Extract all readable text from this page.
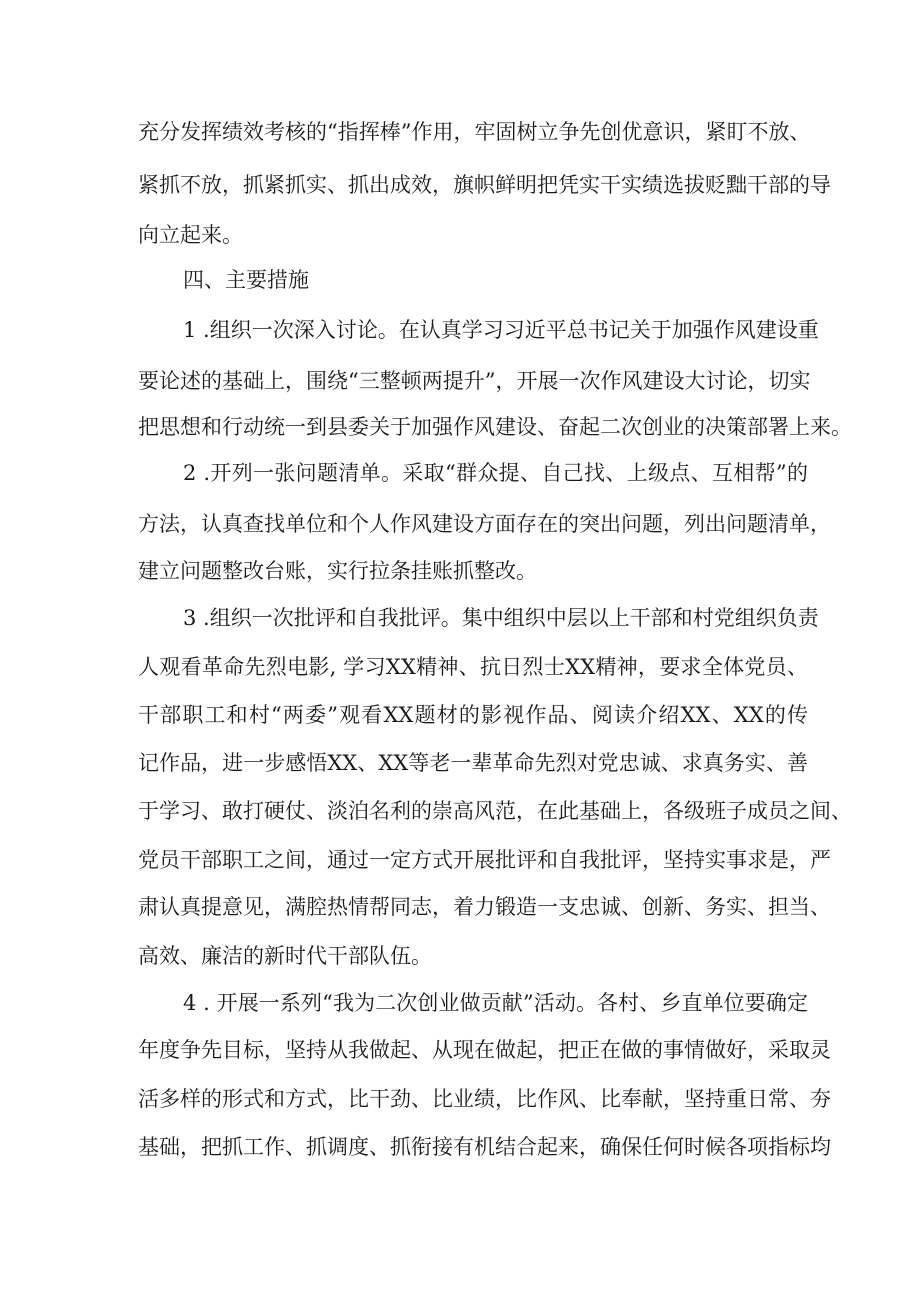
充分发挥绩效考核的“指挥棒”作用，牢固树立争先创优意识，紧盯不放、
紧抓不放，抓紧抓实、抓出成效，旗帜鲜明把凭实干实绩选拔贬黜干部的导
向立起来。
四、主要措施
1 .组织一次深入讨论。在认真学习习近平总书记关于加强作风建设重
要论述的基础上，围绕“三整顿两提升”，开展一次作风建设大讨论，切实
把思想和行动统一到县委关于加强作风建设、奋起二次创业的决策部署上来。
2 .开列一张问题清单。采取“群众提、自己找、上级点、互相帮”的
方法，认真查找单位和个人作风建设方面存在的突出问题，列出问题清单，
建立问题整改台账，实行拉条挂账抓整改。
3 .组织一次批评和自我批评。集中组织中层以上干部和村党组织负责
人观看革命先烈电影, 学习XX精神、抗日烈士XX精神，要求全体党员、
干部职工和村“两委”观看XX题材的影视作品、阅读介绍XX、XX的传
记作品，进一步感悟XX、XX等老一辈革命先烈对党忠诚、求真务实、善
于学习、敢打硬仗、淡泊名利的崇高风范，在此基础上，各级班子成员之间、
党员干部职工之间，通过一定方式开展批评和自我批评，坚持实事求是，严
肃认真提意见，满腔热情帮同志，着力锻造一支忠诚、创新、务实、担当、
高效、廉洁的新时代干部队伍。
4 . 开展一系列“我为二次创业做贡献”活动。各村、乡直单位要确定
年度争先目标，坚持从我做起、从现在做起，把正在做的事情做好，采取灵
活多样的形式和方式，比干劲、比业绩，比作风、比奉献，坚持重日常、夯
基础，把抓工作、抓调度、抓衔接有机结合起来，确保任何时候各项指标均
